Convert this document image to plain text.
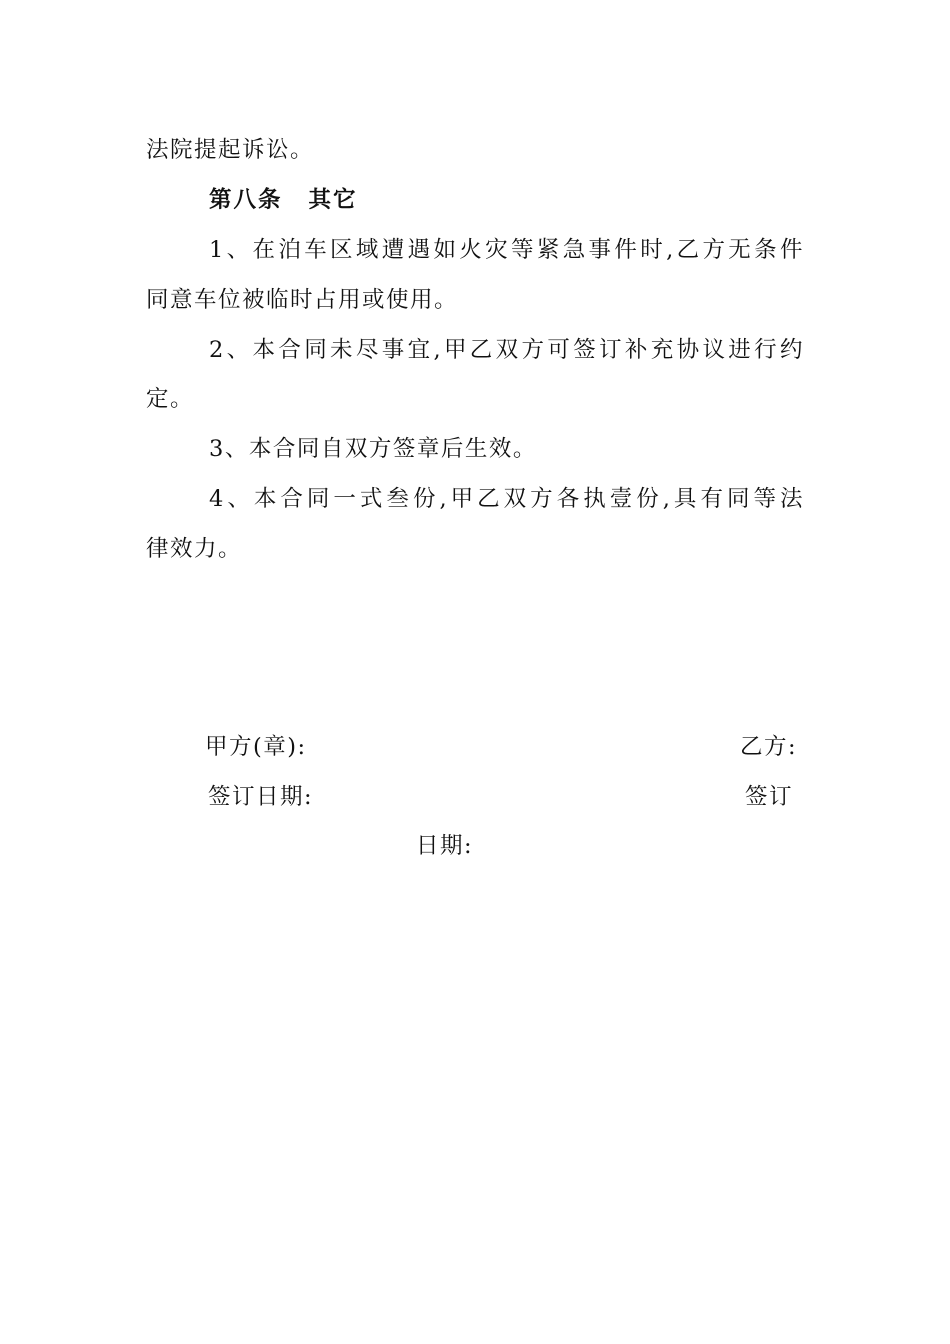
法院提起诉讼。
第八条 其它
1、在泊车区域遭遇如火灾等紧急事件时,乙方无条件
同意车位被临时占用或使用。
2、本合同未尽事宜,甲乙双方可签订补充协议进行约
定。
3、本合同自双方签章后生效。
4、本合同一式叁份,甲乙双方各执壹份,具有同等法
律效力。
甲方(章):	乙方:
签订日期:	签订
日期:
